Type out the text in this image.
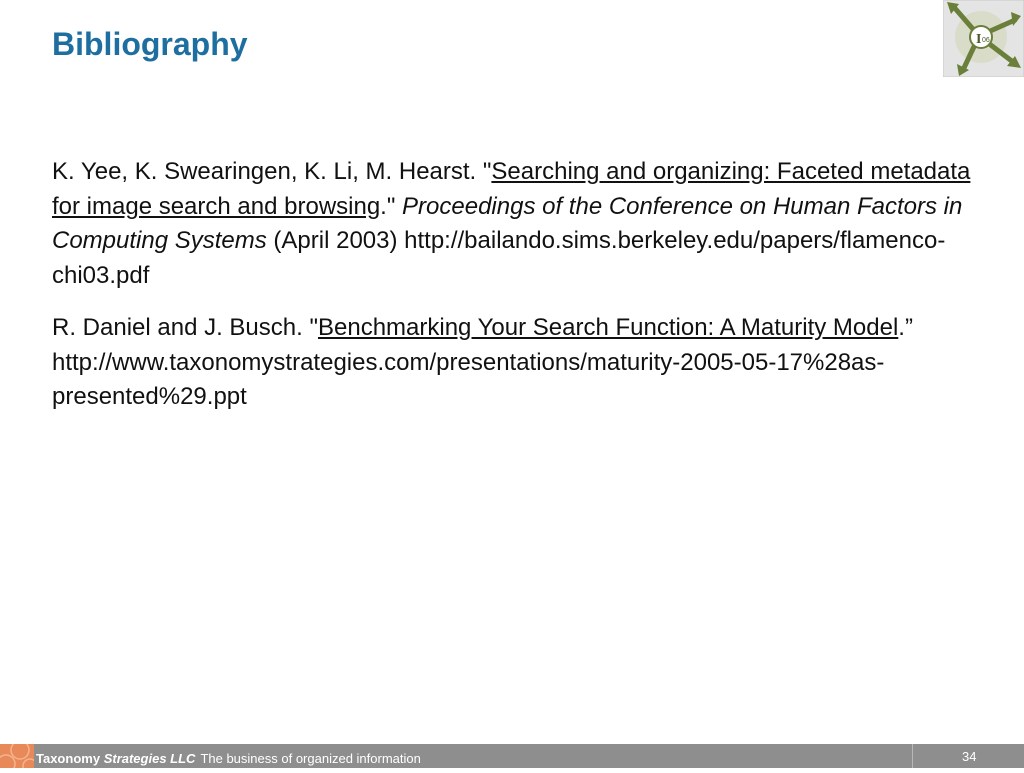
Bibliography	I 06

K. Yee, K. Swearingen, K. Li, M. Hearst. "Searching and organizing: Faceted metadata for image search and browsing." Proceedings of the Conference on Human Factors in Computing Systems (April 2003) http://bailando.sims.berkeley.edu/papers/flamenco-chi03.pdf

R. Daniel and J. Busch. "Benchmarking Your Search Function: A Maturity Model.” http://www.taxonomystrategies.com/presentations/maturity-2005-05-17%28as-presented%29.ppt

Taxonomy Strategies LLC The business of organized information	34
